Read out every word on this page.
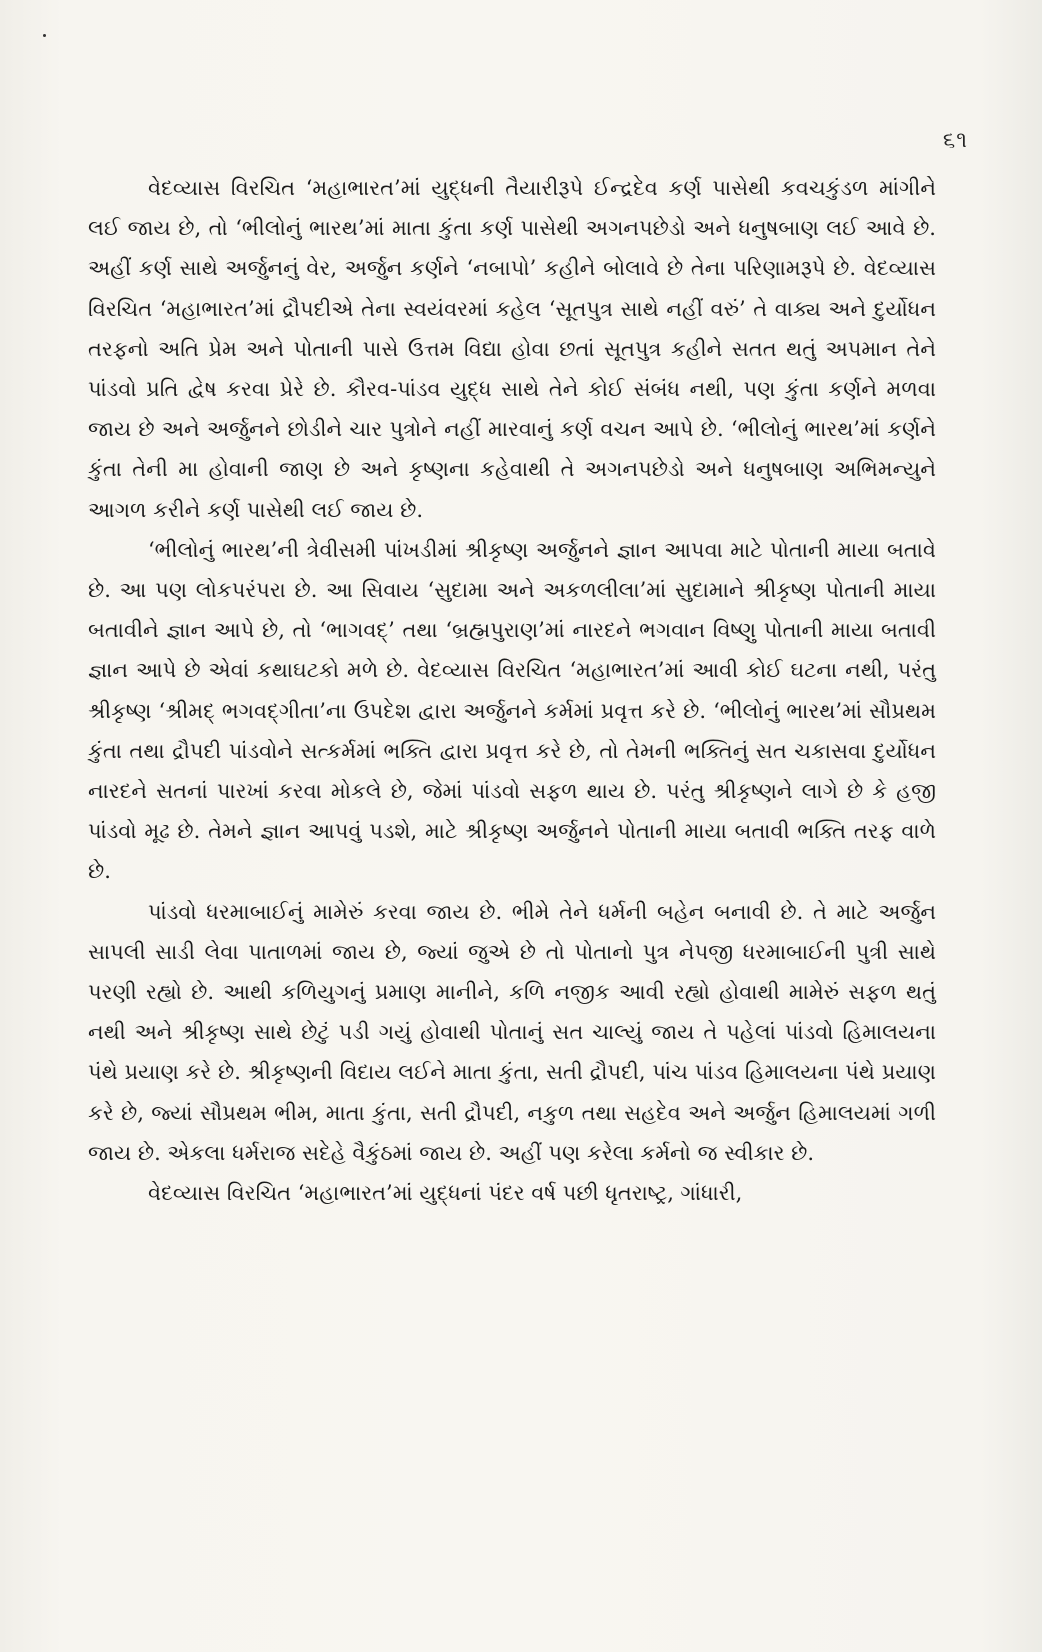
૬૧

વેદવ્યાસ વિરચિત ‘મહાભારત’માં યુદ્ધની તૈયારીરૂપે ઈન્દ્રદેવ કર્ણ પાસેથી કવચકુંડળ માંગીને લઈ જાય છે, તો ‘ભીલોનું ભારથ’માં માતા કુંતા કર્ણ પાસેથી અગનપછેડો અને ધનુષબાણ લઈ આવે છે. અહીં કર્ણ સાથે અર્જુનનું વેર, અર્જુન કર્ણને ‘નબાપો’ કહીને બોલાવે છે તેના પરિણામરૂપે છે. વેદવ્યાસ વિરચિત ‘મહાભારત’માં દ્રૌપદીએ તેના સ્વયંવરમાં કહેલ ‘સૂતપુત્ર સાથે નહીં વરું’ તે વાક્ય અને દુર્યોધન તરફનો અતિ પ્રેમ અને પોતાની પાસે ઉત્તમ વિદ્યા હોવા છતાં સૂતપુત્ર કહીને સતત થતું અપમાન તેને પાંડવો પ્રતિ દ્વેષ કરવા પ્રેરે છે. કૌરવ-પાંડવ યુદ્ધ સાથે તેને કોઈ સંબંધ નથી, પણ કુંતા કર્ણને મળવા જાય છે અને અર્જુનને છોડીને ચાર પુત્રોને નહીં મારવાનું કર્ણ વચન આપે છે. ‘ભીલોનું ભારથ’માં કર્ણને કુંતા તેની મા હોવાની જાણ છે અને કૃષ્ણના કહેવાથી તે અગનપછેડો અને ધનુષબાણ અભિમન્યુને આગળ કરીને કર્ણ પાસેથી લઈ જાય છે.

‘ભીલોનું ભારથ’ની ત્રેવીસમી પાંખડીમાં શ્રીકૃષ્ણ અર્જુનને જ્ઞાન આપવા માટે પોતાની માયા બતાવે છે. આ પણ લોકપરંપરા છે. આ સિવાય ‘સુદામા અને અકળલીલા’માં સુદામાને શ્રીકૃષ્ણ પોતાની માયા બતાવીને જ્ઞાન આપે છે, તો ‘ભાગવદ્’ તથા ‘બ્રહ્મપુરાણ’માં નારદને ભગવાન વિષ્ણુ પોતાની માયા બતાવી જ્ઞાન આપે છે એવાં કથાઘટકો મળે છે. વેદવ્યાસ વિરચિત ‘મહાભારત’માં આવી કોઈ ઘટના નથી, પરંતુ શ્રીકૃષ્ણ ‘શ્રીમદ્ ભગવદ્ગીતા’ના ઉપદેશ દ્વારા અર્જુનને કર્મમાં પ્રવૃત્ત કરે છે. ‘ભીલોનું ભારથ’માં સૌપ્રથમ કુંતા તથા દ્રૌપદી પાંડવોને સત્કર્મમાં ભક્તિ દ્વારા પ્રવૃત્ત કરે છે, તો તેમની ભક્તિનું સત ચકાસવા દુર્યોધન નારદને સતનાં પારખાં કરવા મોકલે છે, જેમાં પાંડવો સફળ થાય છે. પરંતુ શ્રીકૃષ્ણને લાગે છે કે હજી પાંડવો મૂઢ છે. તેમને જ્ઞાન આપવું પડશે, માટે શ્રીકૃષ્ણ અર્જુનને પોતાની માયા બતાવી ભક્તિ તરફ વાળે છે.

પાંડવો ધરમાબાઈનું મામેરું કરવા જાય છે. ભીમે તેને ધર્મની બહેન બનાવી છે. તે માટે અર્જુન સાપલી સાડી લેવા પાતાળમાં જાય છે, જ્યાં જુએ છે તો પોતાનો પુત્ર નેપજી ધરમાબાઈની પુત્રી સાથે પરણી રહ્યો છે. આથી કળિયુગનું પ્રમાણ માનીને, કળિ નજીક આવી રહ્યો હોવાથી મામેરું સફળ થતું નથી અને શ્રીકૃષ્ણ સાથે છેટું પડી ગયું હોવાથી પોતાનું સત ચાલ્યું જાય તે પહેલાં પાંડવો હિમાલયના પંથે પ્રયાણ કરે છે. શ્રીકૃષ્ણની વિદાય લઈને માતા કુંતા, સતી દ્રૌપદી, પાંચ પાંડવ હિમાલયના પંથે પ્રયાણ કરે છે, જ્યાં સૌપ્રથમ ભીમ, માતા કુંતા, સતી દ્રૌપદી, નકુળ તથા સહદેવ અને અર્જુન હિમાલયમાં ગળી જાય છે. એકલા ધર્મરાજ સદેહે વૈકુંઠમાં જાય છે. અહીં પણ કરેલા કર્મનો જ સ્વીકાર છે.

વેદવ્યાસ વિરચિત ‘મહાભારત’માં યુદ્ધનાં પંદર વર્ષ પછી ધૃતરાષ્ટ્ર, ગાંધારી,
